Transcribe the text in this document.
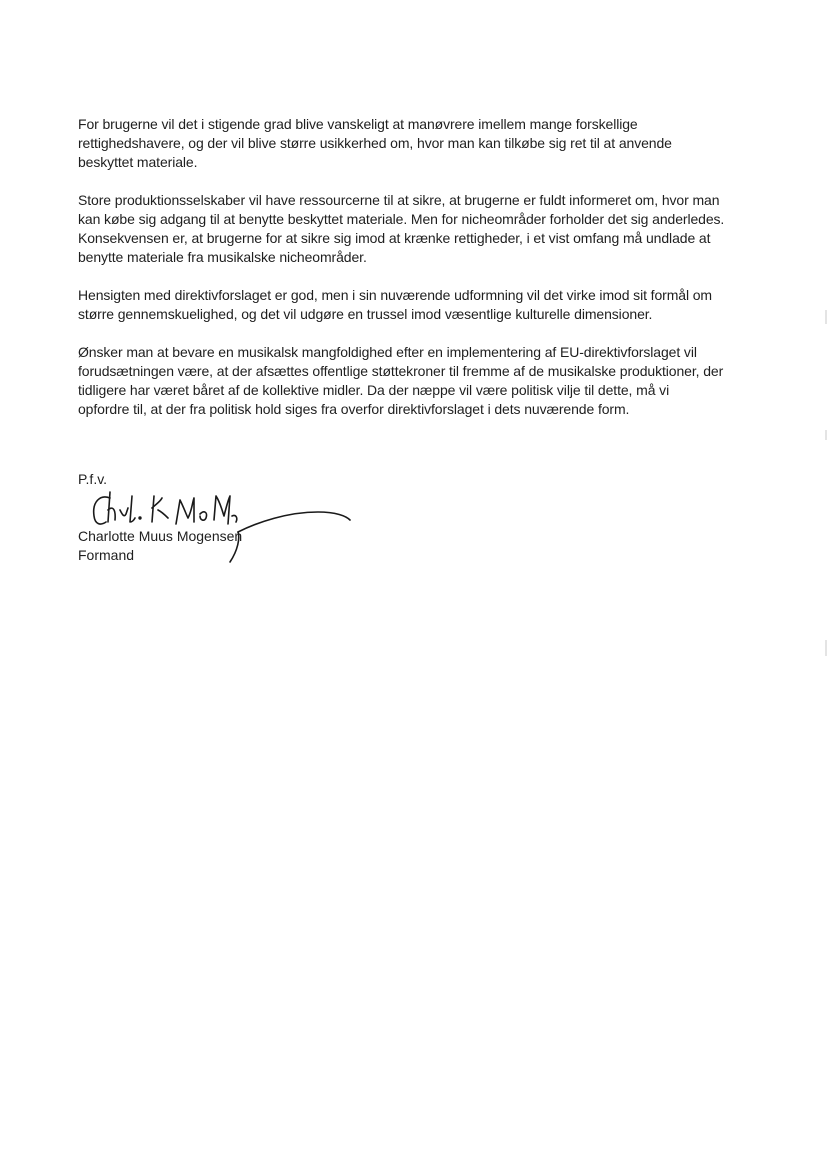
For brugerne vil det i stigende grad blive vanskeligt at manøvrere imellem mange forskellige
rettighedshavere, og der vil blive større usikkerhed om, hvor man kan tilkøbe sig ret til at anvende
beskyttet materiale.

Store produktionsselskaber vil have ressourcerne til at sikre, at brugerne er fuldt informeret om, hvor man
kan købe sig adgang til at benytte beskyttet materiale. Men for nicheområder forholder det sig anderledes.
Konsekvensen er, at brugerne for at sikre sig imod at krænke rettigheder, i et vist omfang må undlade at
benytte materiale fra musikalske nicheområder.

Hensigten med direktivforslaget er god, men i sin nuværende udformning vil det virke imod sit formål om
større gennemskuelighed, og det vil udgøre en trussel imod væsentlige kulturelle dimensioner.

Ønsker man at bevare en musikalsk mangfoldighed efter en implementering af EU-direktivforslaget vil
forudsætningen være, at der afsættes offentlige støttekroner til fremme af de musikalske produktioner, der
tidligere har været båret af de kollektive midler. Da der næppe vil være politisk vilje til dette, må vi
opfordre til, at der fra politisk hold siges fra overfor direktivforslaget i dets nuværende form.

P.f.v.
Charlotte Muus Mogensen
Formand
